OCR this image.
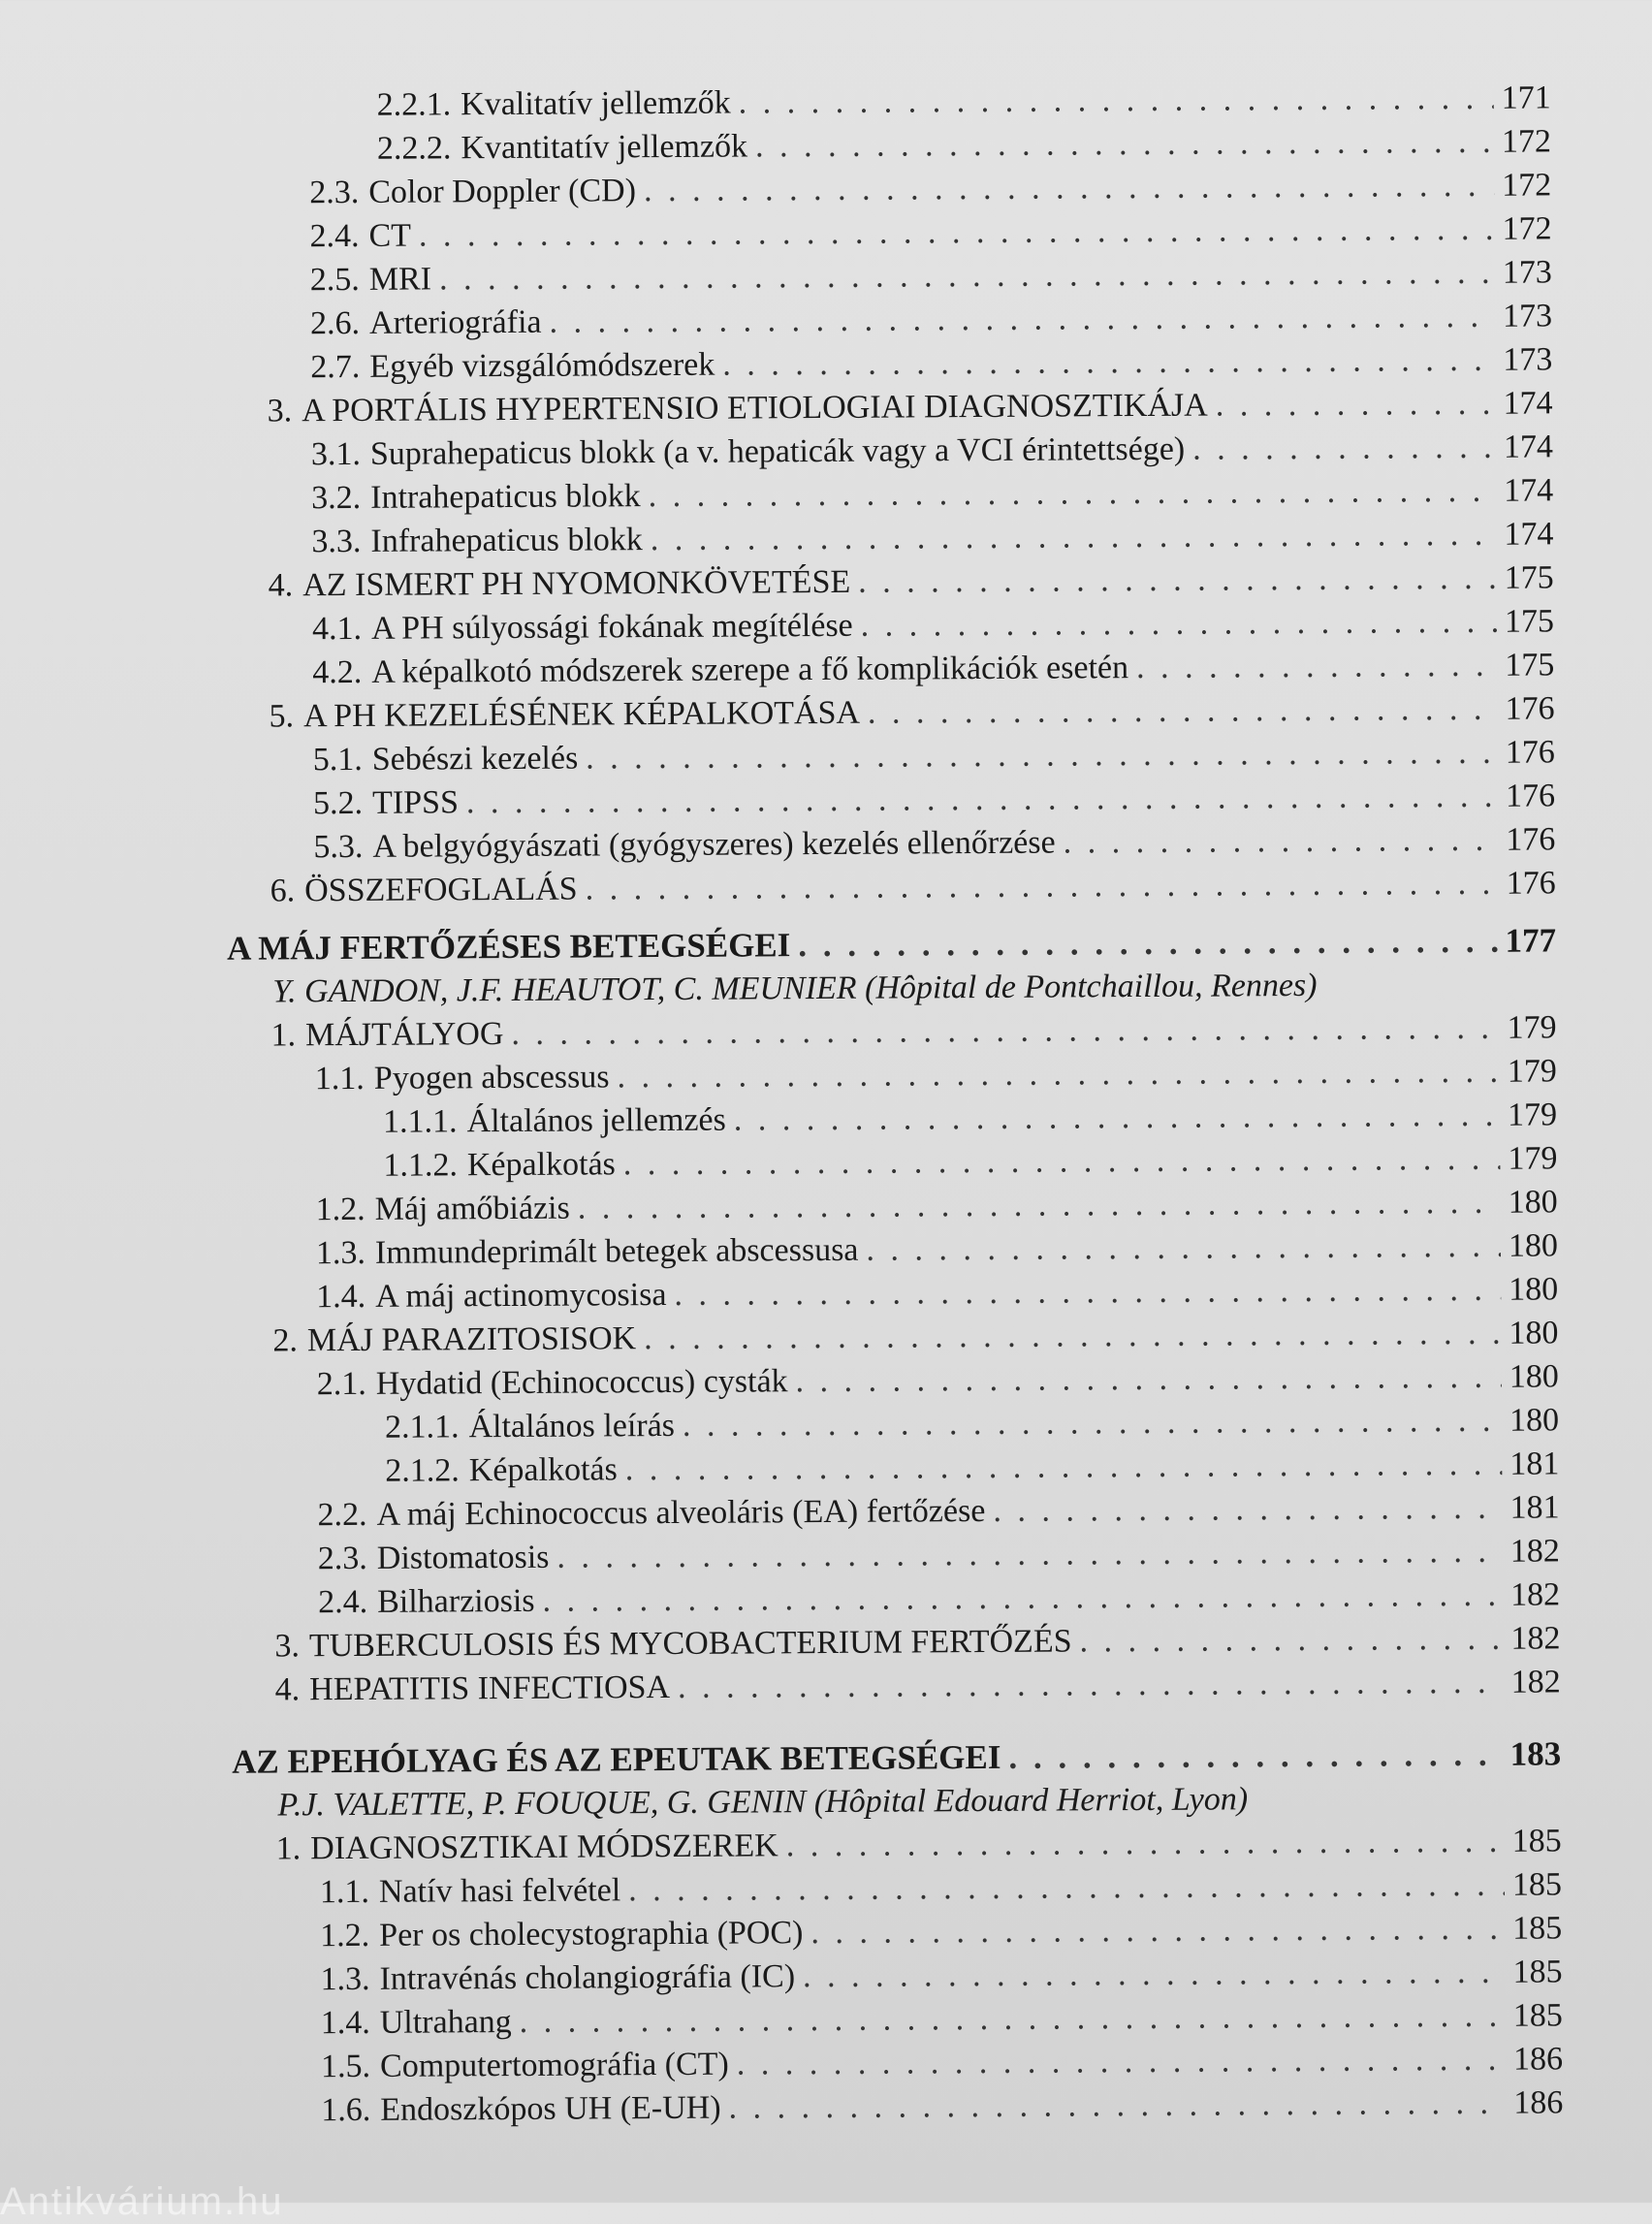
2.2.1. Kvalitatív jellemzők . . .	171
2.2.2. Kvantitatív jellemzők . . .	172
2.3. Color Doppler (CD) . . .	172
2.4. CT . . .	172
2.5. MRI . . .	173
2.6. Arteriográfia . . .	173
2.7. Egyéb vizsgálómódszerek . . .	173
3. A PORTÁLIS HYPERTENSIO ETIOLOGIAI DIAGNOSZTIKÁJA . . .	174
3.1. Suprahepaticus blokk (a v. hepaticák vagy a VCI érintettsége) . . .	174
3.2. Intrahepaticus blokk . . .	174
3.3. Infrahepaticus blokk . . .	174
4. AZ ISMERT PH NYOMONKÖVETÉSE . . .	175
4.1. A PH súlyossági fokának megítélése . . .	175
4.2. A képalkotó módszerek szerepe a fő komplikációk esetén . . .	175
5. A PH KEZELÉSÉNEK KÉPALKOTÁSA . . .	176
5.1. Sebészi kezelés . . .	176
5.2. TIPSS . . .	176
5.3. A belgyógyászati (gyógyszeres) kezelés ellenőrzése . . .	176
6. ÖSSZEFOGLALÁS . . .	176
A MÁJ FERTŐZÉSES BETEGSÉGEI . . .	177
1. MÁJTÁLYOG . . .	179
1.1. Pyogen abscessus . . .	179
1.1.1. Általános jellemzés . . .	179
1.1.2. Képalkotás . . .	179
1.2. Máj amőbiázis . . .	180
1.3. Immundeprimált betegek abscessusa . . .	180
1.4. A máj actinomycosisa . . .	180
2. MÁJ PARAZITOSISOK . . .	180
2.1. Hydatid (Echinococcus) cysták . . .	180
2.1.1. Általános leírás . . .	180
2.1.2. Képalkotás . . .	181
2.2. A máj Echinococcus alveoláris (EA) fertőzése . . .	181
2.3. Distomatosis . . .	182
2.4. Bilharziosis . . .	182
3. TUBERCULOSIS ÉS MYCOBACTERIUM FERTŐZÉS . . .	182
4. HEPATITIS INFECTIOSA . . .	182
AZ EPEHÓLYAG ÉS AZ EPEUTAK BETEGSÉGEI . . .	183
1. DIAGNOSZTIKAI MÓDSZEREK . . .	185
1.1. Natív hasi felvétel . . .	185
1.2. Per os cholecystographia (POC) . . .	185
1.3. Intravénás cholangiográfia (IC) . . .	185
1.4. Ultrahang . . .	185
1.5. Computertomográfia (CT) . . .	186
1.6. Endoszkópos UH (E-UH) . . .	186
Y. GANDON, J.F. HEAUTOT, C. MEUNIER (Hôpital de Pontchaillou, Rennes)
P.J. VALETTE, P. FOUQUE, G. GENIN (Hôpital Edouard Herriot, Lyon)
Antikvárium.hu
